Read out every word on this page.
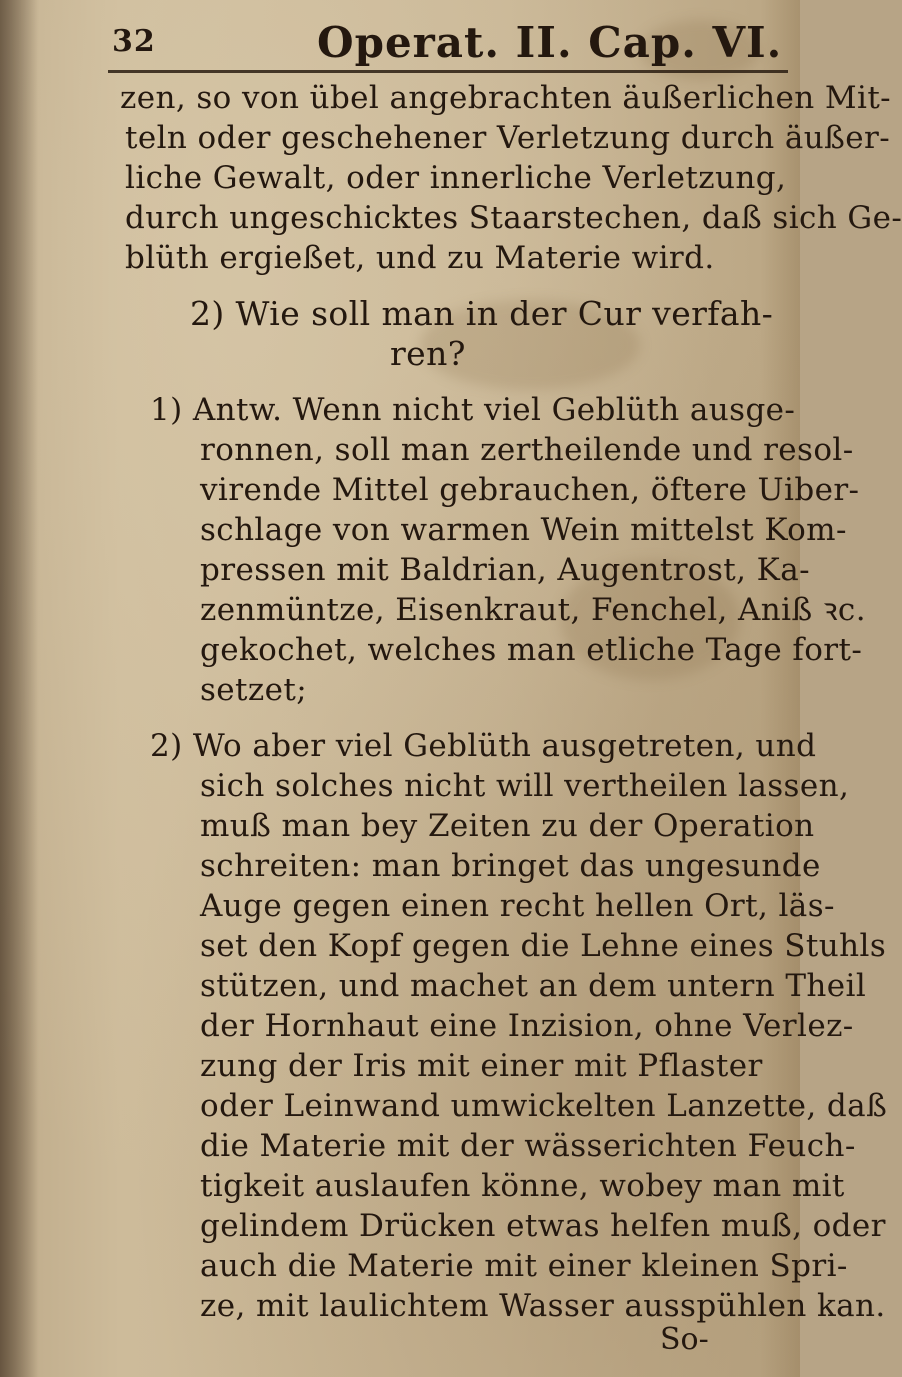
32	Operat. II. Cap. VI.
zen, so von übel angebrachten äußerlichen Mit-
teln oder geschehener Verletzung durch äußer-
liche Gewalt, oder innerliche Verletzung,
durch ungeschicktes Staarstechen, daß sich Ge-
blüth ergießet, und zu Materie wird.
2) Wie soll man in der Cur verfah-
ren?
1) Antw. Wenn nicht viel Geblüth ausge-
ronnen, soll man zertheilende und resol-
virende Mittel gebrauchen, öftere Uiber-
schlage von warmen Wein mittelst Kom-
pressen mit Baldrian, Augentrost, Ka-
zenmüntze, Eisenkraut, Fenchel, Aniß ꝛc.
gekochet, welches man etliche Tage fort-
setzet;
2) Wo aber viel Geblüth ausgetreten, und
sich solches nicht will vertheilen lassen,
muß man bey Zeiten zu der Operation
schreiten: man bringet das ungesunde
Auge gegen einen recht hellen Ort, läs-
set den Kopf gegen die Lehne eines Stuhls
stützen, und machet an dem untern Theil
der Hornhaut eine Inzision, ohne Verlez-
zung der Iris mit einer mit Pflaster
oder Leinwand umwickelten Lanzette, daß
die Materie mit der wässerichten Feuch-
tigkeit auslaufen könne, wobey man mit
gelindem Drücken etwas helfen muß, oder
auch die Materie mit einer kleinen Spri-
ze, mit laulichtem Wasser ausspühlen kan.
So-
